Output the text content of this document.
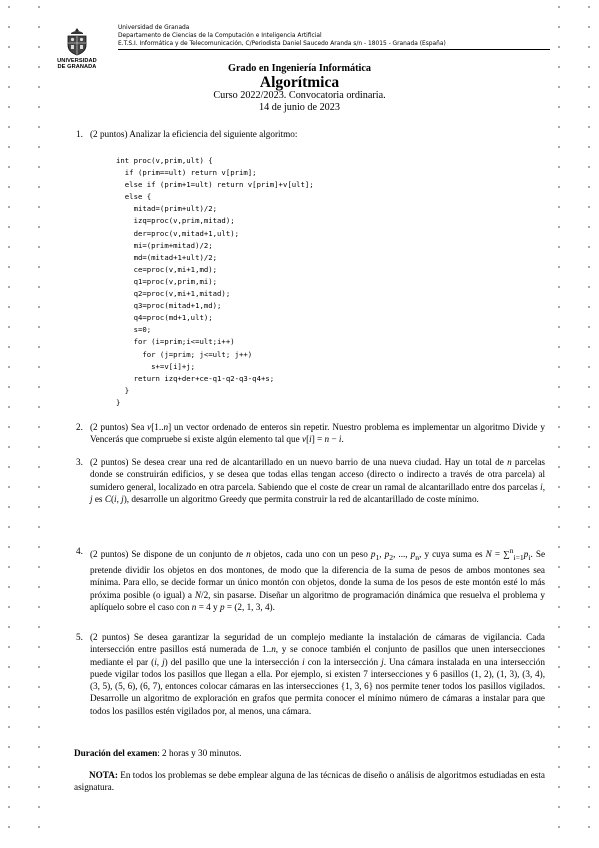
UNIVERSIDAD
DE GRANADA
Universidad de Granada
Departamento de Ciencias de la Computación e Inteligencia Artificial
E.T.S.I. Informática y de Telecomunicación, C/Periodista Daniel Saucedo Aranda s/n - 18015 - Granada (España)
Grado en Ingeniería Informática
Algorítmica
Curso 2022/2023. Convocatoria ordinaria.
14 de junio de 2023
1. (2 puntos) Analizar la eficiencia del siguiente algoritmo:
int proc(v,prim,ult) {
if (prim==ult) return v[prim];
else if (prim+1=ult) return v[prim]+v[ult];
else {
mitad=(prim+ult)/2;
izq=proc(v,prim,mitad);
der=proc(v,mitad+1,ult);
mi=(prim+mitad)/2;
md=(mitad+1+ult)/2;
ce=proc(v,mi+1,md);
q1=proc(v,prim,mi);
q2=proc(v,mi+1,mitad);
q3=proc(mitad+1,md);
q4=proc(md+1,ult);
s=0;
for (i=prim;i<=ult;i++)
for (j=prim; j<=ult; j++)
s+=v[i]+j;
return izq+der+ce-q1-q2-q3-q4+s;
}
}
2. (2 puntos) Sea v[1..n] un vector ordenado de enteros sin repetir. Nuestro problema es implementar un algoritmo Divide y Vencerás que compruebe si existe algún elemento tal que v[i] = n − i.
3. (2 puntos) Se desea crear una red de alcantarillado en un nuevo barrio de una nueva ciudad. Hay un total de n parcelas donde se construirán edificios, y se desea que todas ellas tengan acceso (directo o indirecto a través de otra parcela) al sumidero general, localizado en otra parcela. Sabiendo que el coste de crear un ramal de alcantarillado entre dos parcelas i, j es C(i, j), desarrolle un algoritmo Greedy que permita construir la red de alcantarillado de coste mínimo.
4. (2 puntos) Se dispone de un conjunto de n objetos, cada uno con un peso $p_1$, $p_2$, ..., $p_n$, y cuya suma es $N = \sum^n_{i=1}p_i$. Se pretende dividir los objetos en dos montones, de modo que la diferencia de la suma de pesos de ambos montones sea mínima. Para ello, se decide formar un único montón con objetos, donde la suma de los pesos de este montón esté lo más próxima posible (o igual) a N/2, sin pasarse. Diseñar un algoritmo de programación dinámica que resuelva el problema y aplíquelo sobre el caso con n = 4 y p = (2, 1, 3, 4).
5. (2 puntos) Se desea garantizar la seguridad de un complejo mediante la instalación de cámaras de vigilancia. Cada intersección entre pasillos está numerada de 1..n, y se conoce también el conjunto de pasillos que unen intersecciones mediante el par (i, j) del pasillo que une la intersección i con la intersección j. Una cámara instalada en una intersección puede vigilar todos los pasillos que llegan a ella. Por ejemplo, si existen 7 intersecciones y 6 pasillos (1, 2), (1, 3), (3, 4), (3, 5), (5, 6), (6, 7), entonces colocar cámaras en las intersecciones {1, 3, 6} nos permite tener todos los pasillos vigilados. Desarrolle un algoritmo de exploración en grafos que permita conocer el mínimo número de cámaras a instalar para que todos los pasillos estén vigilados por, al menos, una cámara.
Duración del examen: 2 horas y 30 minutos.
NOTA: En todos los problemas se debe emplear alguna de las técnicas de diseño o análisis de algoritmos estudiadas en esta asignatura.
